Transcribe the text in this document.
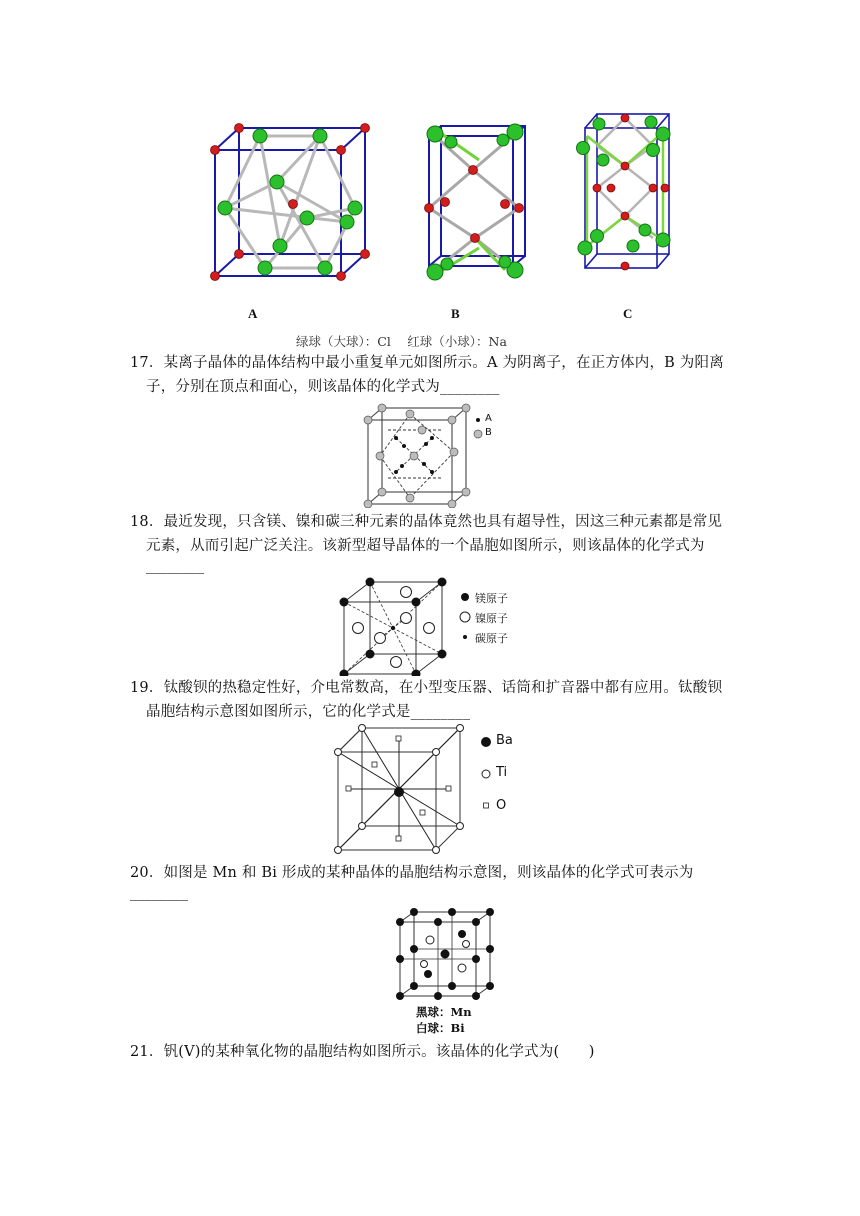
A	B	C
绿球（大球）：Cl　 红球（小球）：Na
17．某离子晶体的晶体结构中最小重复单元如图所示。A 为阴离子，在正方体内，B 为阳离
子，分别在顶点和面心，则该晶体的化学式为________
A
B
18．最近发现，只含镁、镍和碳三种元素的晶体竟然也具有超导性，因这三种元素都是常见
元素，从而引起广泛关注。该新型超导晶体的一个晶胞如图所示，则该晶体的化学式为
________
镁原子
镍原子
碳原子
19．钛酸钡的热稳定性好，介电常数高，在小型变压器、话筒和扩音器中都有应用。钛酸钡
晶胞结构示意图如图所示，它的化学式是________
Ba
Ti
O
20．如图是 Mn 和 Bi 形成的某种晶体的晶胞结构示意图，则该晶体的化学式可表示为
________
黑球：Mn
白球：Bi
21．钒(V)的某种氧化物的晶胞结构如图所示。该晶体的化学式为(　　)
